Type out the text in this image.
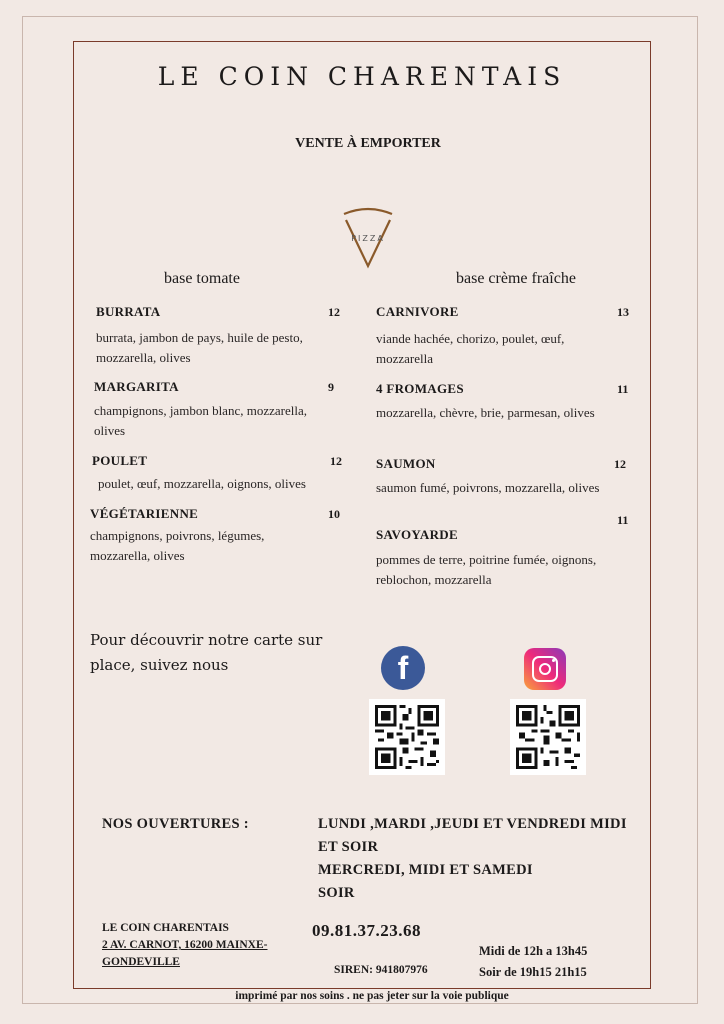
LE COIN CHARENTAIS
VENTE À EMPORTER
PIZZA
base tomate	base crème fraîche
BURRATA	12
burrata, jambon de pays, huile de pesto,
mozzarella, olives
MARGARITA	9
champignons, jambon blanc, mozzarella,
olives
POULET	12
poulet, œuf, mozzarella, oignons, olives
VÉGÉTARIENNE	10
champignons, poivrons, légumes,
mozzarella, olives
CARNIVORE	13
viande hachée, chorizo, poulet, œuf,
mozzarella
4 FROMAGES	11
mozzarella, chèvre, brie, parmesan, olives
SAUMON	12
saumon fumé, poivrons, mozzarella, olives
11
SAVOYARDE
pommes de terre, poitrine fumée, oignons,
reblochon, mozzarella
Pour découvrir notre carte sur
place, suivez nous	f
NOS OUVERTURES :	LUNDI ,MARDI ,JEUDI ET VENDREDI MIDI
ET SOIR
MERCREDI, MIDI ET SAMEDI
SOIR
LE COIN CHARENTAIS
2 AV. CARNOT, 16200 MAINXE-
GONDEVILLE
09.81.37.23.68
SIREN: 941807976
Midi de 12h a 13h45
Soir de 19h15 21h15
imprimé par nos soins . ne pas jeter sur la voie publique
